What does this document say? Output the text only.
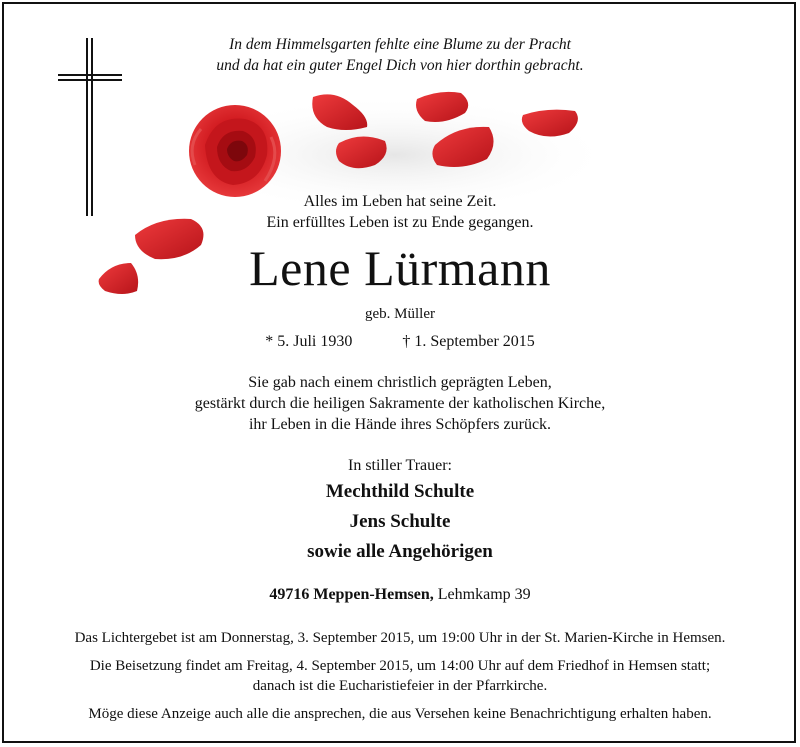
In dem Himmelsgarten fehlte eine Blume zu der Pracht
und da hat ein guter Engel Dich von hier dorthin gebracht.
Alles im Leben hat seine Zeit.
Ein erfülltes Leben ist zu Ende gegangen.
Lene Lürmann
geb. Müller
* 5. Juli 1930	† 1. September 2015
Sie gab nach einem christlich geprägten Leben,
gestärkt durch die heiligen Sakramente der katholischen Kirche,
ihr Leben in die Hände ihres Schöpfers zurück.
In stiller Trauer:
Mechthild Schulte
Jens Schulte
sowie alle Angehörigen
49716 Meppen-Hemsen, Lehmkamp 39
Das Lichtergebet ist am Donnerstag, 3. September 2015, um 19:00 Uhr in der St. Marien-Kirche in Hemsen.
Die Beisetzung findet am Freitag, 4. September 2015, um 14:00 Uhr auf dem Friedhof in Hemsen statt;
danach ist die Eucharistiefeier in der Pfarrkirche.
Möge diese Anzeige auch alle die ansprechen, die aus Versehen keine Benachrichtigung erhalten haben.
